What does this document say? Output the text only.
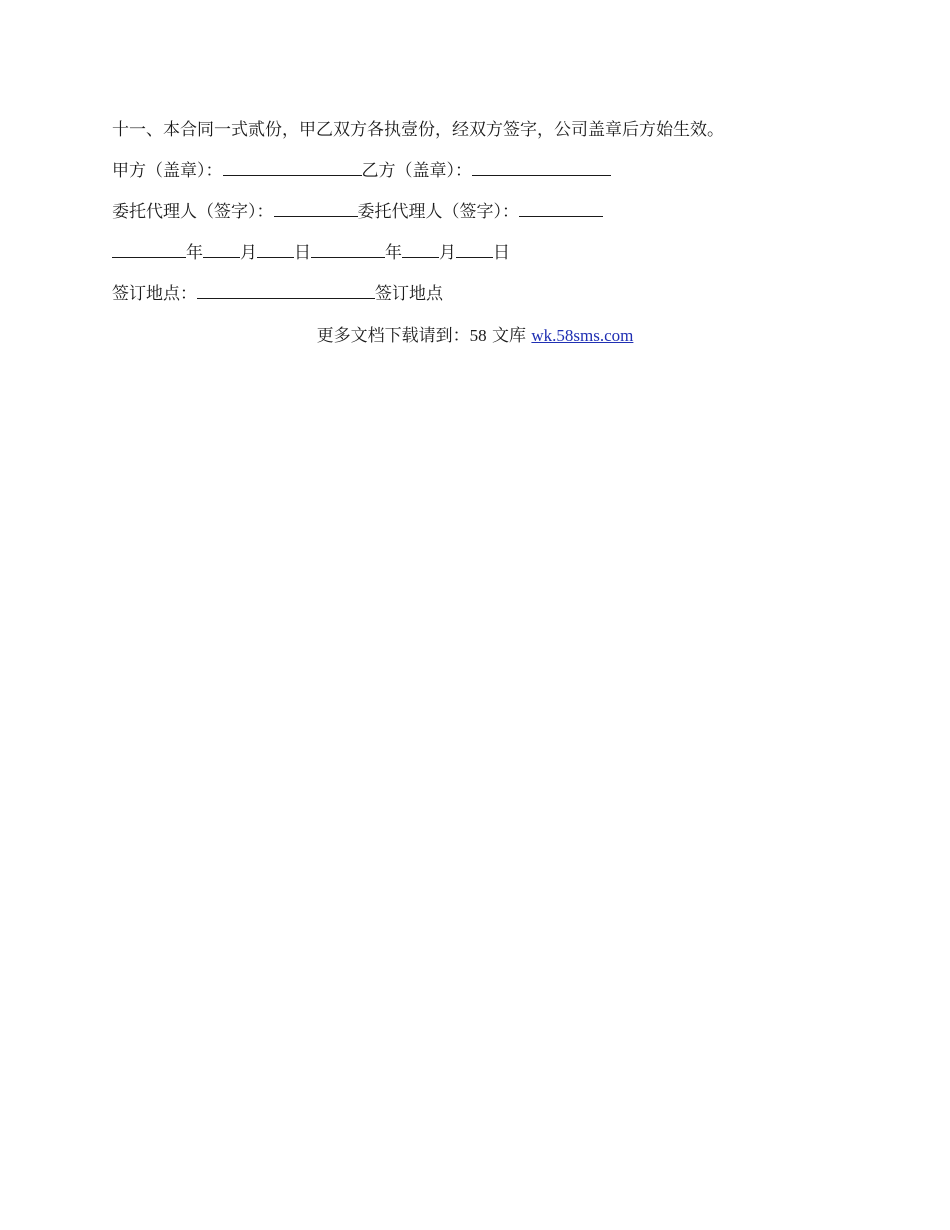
十一、本合同一式贰份，甲乙双方各执壹份，经双方签字，公司盖章后方始生效。
甲方（盖章）：	乙方（盖章）：
委托代理人（签字）：	委托代理人（签字）：
年 月 日	年 月 日
签订地点：	签订地点
更多文档下载请到：58 文库 wk.58sms.com
